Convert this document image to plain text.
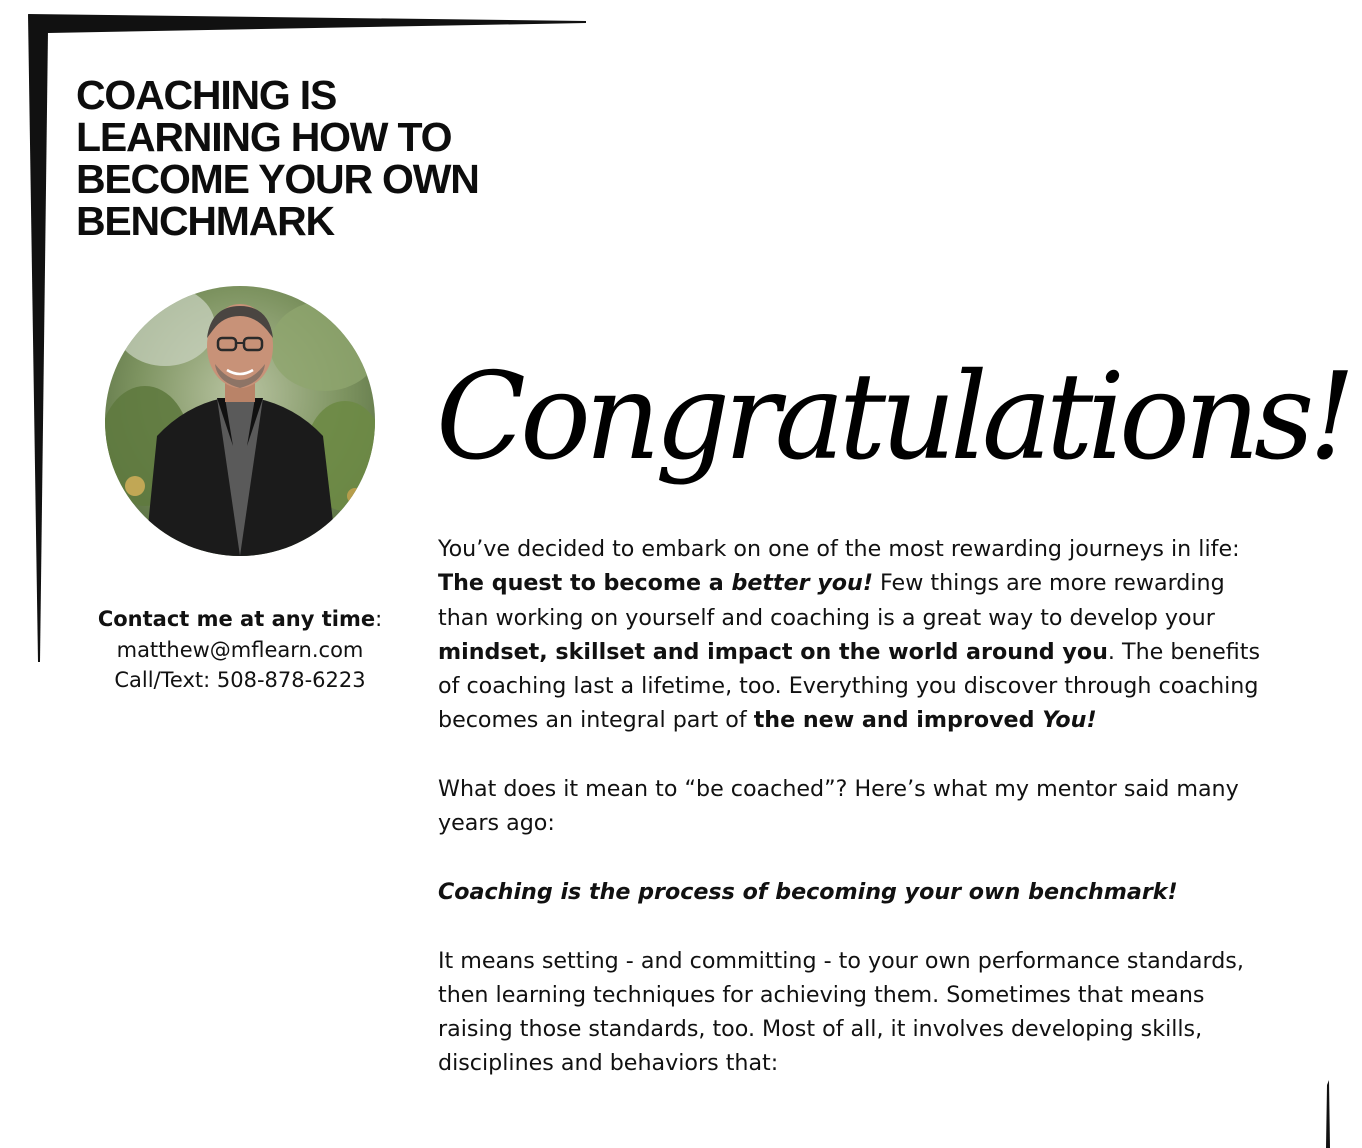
COACHING IS
LEARNING HOW TO
BECOME YOUR OWN
BENCHMARK
Contact me at any time:
matthew@mflearn.com
Call/Text: 508-878-6223
Congratulations!

You’ve decided to embark on one of the most rewarding journeys in life: The quest to become a better you! Few things are more rewarding than working on yourself and coaching is a great way to develop your mindset, skillset and impact on the world around you. The benefits of coaching last a lifetime, too. Everything you discover through coaching becomes an integral part of the new and improved You!

What does it mean to “be coached”? Here’s what my mentor said many years ago:

Coaching is the process of becoming your own benchmark!

It means setting - and committing - to your own performance standards, then learning techniques for achieving them. Sometimes that means raising those standards, too. Most of all, it involves developing skills, disciplines and behaviors that:
